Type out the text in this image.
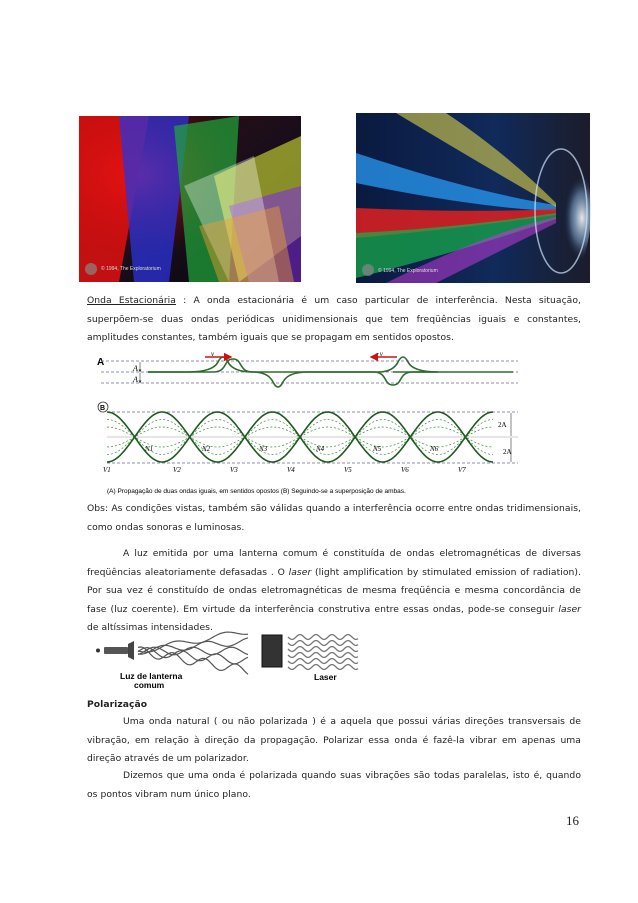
© 1994, The Exploratorium	© 1994, The Exploratorium
Onda Estacionária : A onda estacionária é um caso particular de interferência. Nesta situação, superpõem-se duas ondas periódicas unidimensionais que tem freqüências iguais e constantes, amplitudes constantes, também iguais que se propagam em sentidos opostos.
A
A
A
v	−v
B
2A
2A
N1	N2	N3	N4	N5	N6
V1	V2	V3	V4	V5	V6	V7
(A) Propagação de duas ondas iguais, em sentidos opostos (B) Seguindo-se a superposição de ambas.
Obs: As condições vistas, também são válidas quando a interferência ocorre entre ondas tridimensionais, como ondas sonoras e luminosas.
A luz emitida por uma lanterna comum é constituída de ondas eletromagnéticas de diversas freqüências aleatoriamente defasadas . O laser (light amplification by stimulated emission of radiation). Por sua vez é constituído de ondas eletromagnéticas de mesma freqüência e mesma concordância de fase (luz coerente). Em virtude da interferência construtiva entre essas ondas, pode-se conseguir laser de altíssimas intensidades.
Luz de lanterna comum
Laser
Polarização
Uma onda natural ( ou não polarizada ) é a aquela que possui várias direções transversais de vibração, em relação à direção da propagação. Polarizar essa onda é fazê-la vibrar em apenas uma direção através de um polarizador.
Dizemos que uma onda é polarizada quando suas vibrações são todas paralelas, isto é, quando os pontos vibram num único plano.
16
